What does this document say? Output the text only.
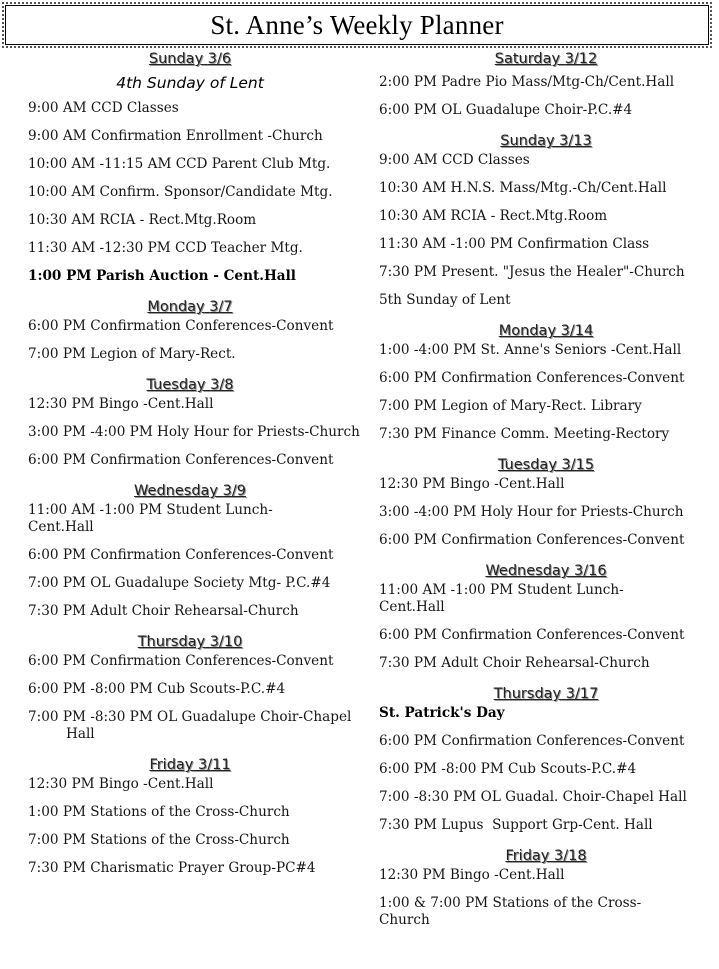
St. Anne’s Weekly Planner
Sunday 3/6
4th Sunday of Lent
9:00 AM CCD Classes
9:00 AM Confirmation Enrollment -Church
10:00 AM -11:15 AM CCD Parent Club Mtg.
10:00 AM Confirm. Sponsor/Candidate Mtg.
10:30 AM RCIA - Rect.Mtg.Room
11:30 AM -12:30 PM CCD Teacher Mtg.
1:00 PM Parish Auction - Cent.Hall
Monday 3/7
6:00 PM Confirmation Conferences-Convent
7:00 PM Legion of Mary-Rect.
Tuesday 3/8
12:30 PM Bingo -Cent.Hall
3:00 PM -4:00 PM Holy Hour for Priests-Church
6:00 PM Confirmation Conferences-Convent
Wednesday 3/9
11:00 AM -1:00 PM Student Lunch-Cent.Hall
6:00 PM Confirmation Conferences-Convent
7:00 PM OL Guadalupe Society Mtg- P.C.#4
7:30 PM Adult Choir Rehearsal-Church
Thursday 3/10
6:00 PM Confirmation Conferences-Convent
6:00 PM -8:00 PM Cub Scouts-P.C.#4
7:00 PM -8:30 PM OL Guadalupe Choir-Chapel Hall
Friday 3/11
12:30 PM Bingo -Cent.Hall
1:00 PM Stations of the Cross-Church
7:00 PM Stations of the Cross-Church
7:30 PM Charismatic Prayer Group-PC#4
Saturday 3/12
2:00 PM Padre Pio Mass/Mtg-Ch/Cent.Hall
6:00 PM OL Guadalupe Choir-P.C.#4
Sunday 3/13
9:00 AM CCD Classes
10:30 AM H.N.S. Mass/Mtg.-Ch/Cent.Hall
10:30 AM RCIA - Rect.Mtg.Room
11:30 AM -1:00 PM Confirmation Class
7:30 PM Present. "Jesus the Healer"-Church
5th Sunday of Lent
Monday 3/14
1:00 -4:00 PM St. Anne's Seniors -Cent.Hall
6:00 PM Confirmation Conferences-Convent
7:00 PM Legion of Mary-Rect. Library
7:30 PM Finance Comm. Meeting-Rectory
Tuesday 3/15
12:30 PM Bingo -Cent.Hall
3:00 -4:00 PM Holy Hour for Priests-Church
6:00 PM Confirmation Conferences-Convent
Wednesday 3/16
11:00 AM -1:00 PM Student Lunch-Cent.Hall
6:00 PM Confirmation Conferences-Convent
7:30 PM Adult Choir Rehearsal-Church
Thursday 3/17
St. Patrick's Day
6:00 PM Confirmation Conferences-Convent
6:00 PM -8:00 PM Cub Scouts-P.C.#4
7:00 -8:30 PM OL Guadal. Choir-Chapel Hall
7:30 PM Lupus  Support Grp-Cent. Hall
Friday 3/18
12:30 PM Bingo -Cent.Hall
1:00 & 7:00 PM Stations of the Cross-Church
